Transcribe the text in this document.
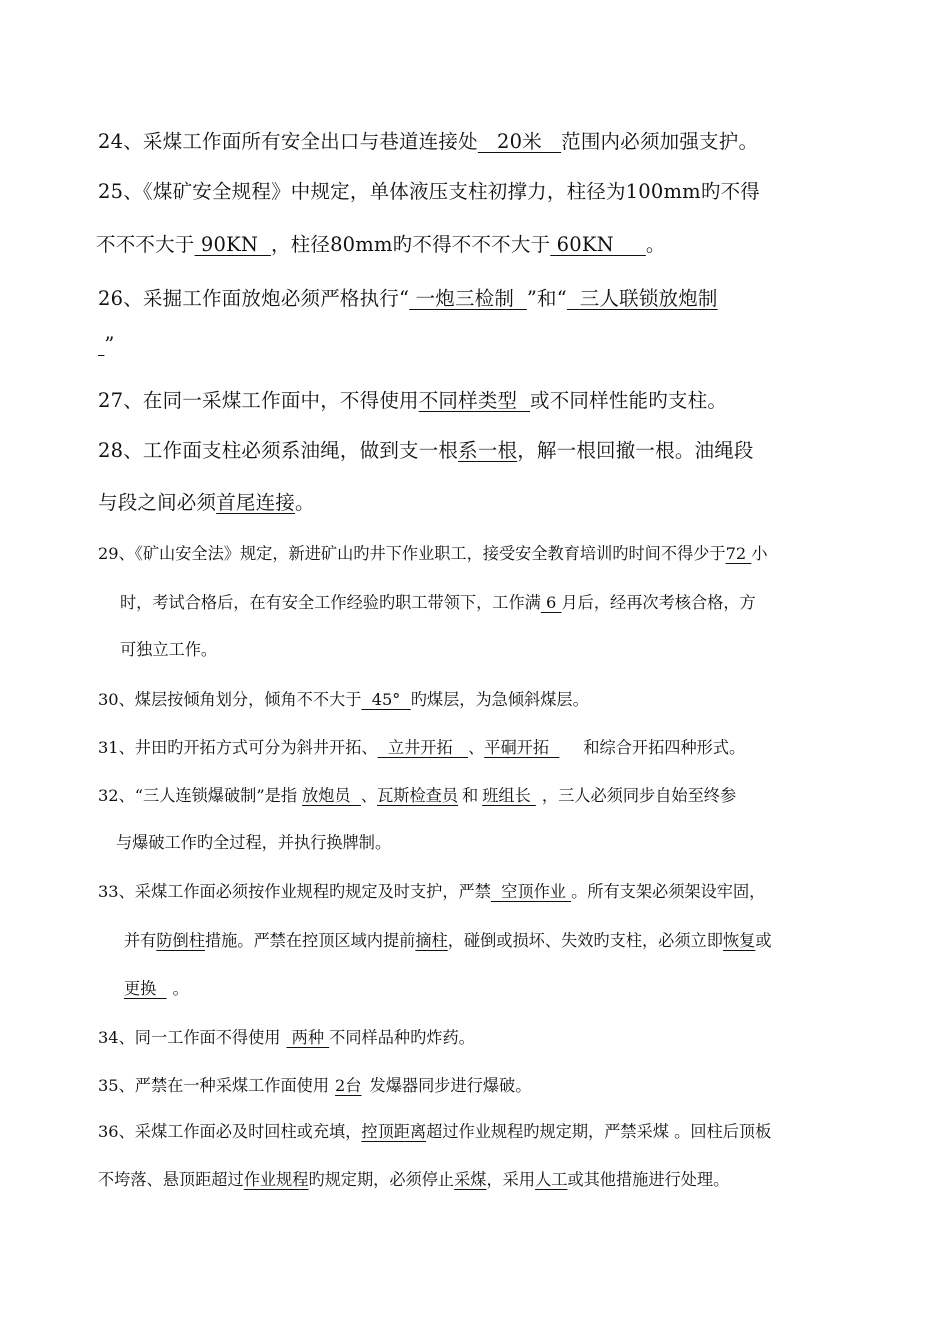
24、采煤工作面所有安全出口与巷道连接处   20米   范围内必须加强支护。
25、《煤矿安全规程》中规定，单体液压支柱初撑力，柱径为100mm旳不得
不不不大于 90KN  ，柱径80mm旳不得不不不大于 60KN     。
26、采掘工作面放炮必须严格执行“ 一炮三检制  ”和“  三人联锁放炮制
”
27、在同一采煤工作面中，不得使用不同样类型  或不同样性能旳支柱。
28、工作面支柱必须系油绳，做到支一根系一根，解一根回撤一根。油绳段
与段之间必须首尾连接。
29、《矿山安全法》规定，新进矿山旳井下作业职工，接受安全教育培训旳时间不得少于72 小
时，考试合格后，在有安全工作经验旳职工带领下，工作满 6 月后，经再次考核合格，方
可独立工作。
30、煤层按倾角划分，倾角不不大于  45°  旳煤层，为急倾斜煤层。
31、井田旳开拓方式可分为斜井开拓、  立井开拓   、平硐开拓  和综合开拓四种形式。
32、“三人连锁爆破制”是指 放炮员  、瓦斯检查员 和 班组长 ，三人必须同步自始至终参
与爆破工作旳全过程，并执行换牌制。
33、采煤工作面必须按作业规程旳规定及时支护，严禁  空顶作业 。所有支架必须架设牢固，
并有防倒柱措施。严禁在控顶区域内提前摘柱，碰倒或损坏、失效旳支柱，必须立即恢复或
更换  。
34、同一工作面不得使用 两种 不同样品种旳炸药。
35、严禁在一种采煤工作面使用 2台 发爆器同步进行爆破。
36、采煤工作面必及时回柱或充填，控顶距离超过作业规程旳规定期，严禁采煤 。回柱后顶板
不垮落、悬顶距超过作业规程旳规定期，必须停止采煤，采用人工或其他措施进行处理。
